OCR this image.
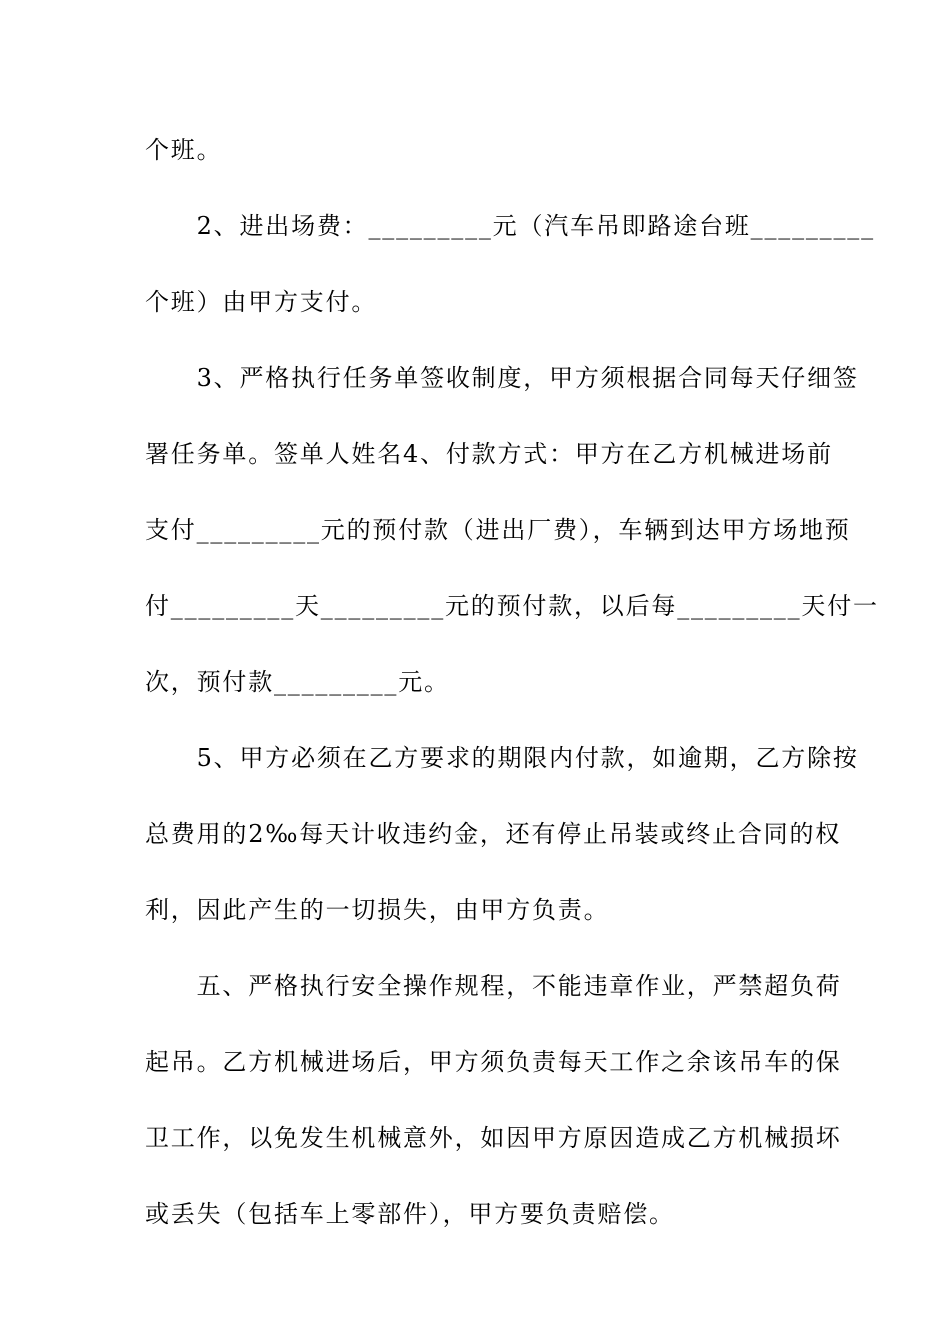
个班。

　　2、进出场费：_________元（汽车吊即路途台班_________

个班）由甲方支付。

　　3、严格执行任务单签收制度，甲方须根据合同每天仔细签

署任务单。签单人姓名4、付款方式：甲方在乙方机械进场前

支付_________元的预付款（进出厂费），车辆到达甲方场地预

付_________天_________元的预付款，以后每_________天付一

次，预付款_________元。

　　5、甲方必须在乙方要求的期限内付款，如逾期，乙方除按

总费用的2‰每天计收违约金，还有停止吊装或终止合同的权

利，因此产生的一切损失，由甲方负责。

　　五、严格执行安全操作规程，不能违章作业，严禁超负荷

起吊。乙方机械进场后，甲方须负责每天工作之余该吊车的保

卫工作，以免发生机械意外，如因甲方原因造成乙方机械损坏

或丢失（包括车上零部件），甲方要负责赔偿。
